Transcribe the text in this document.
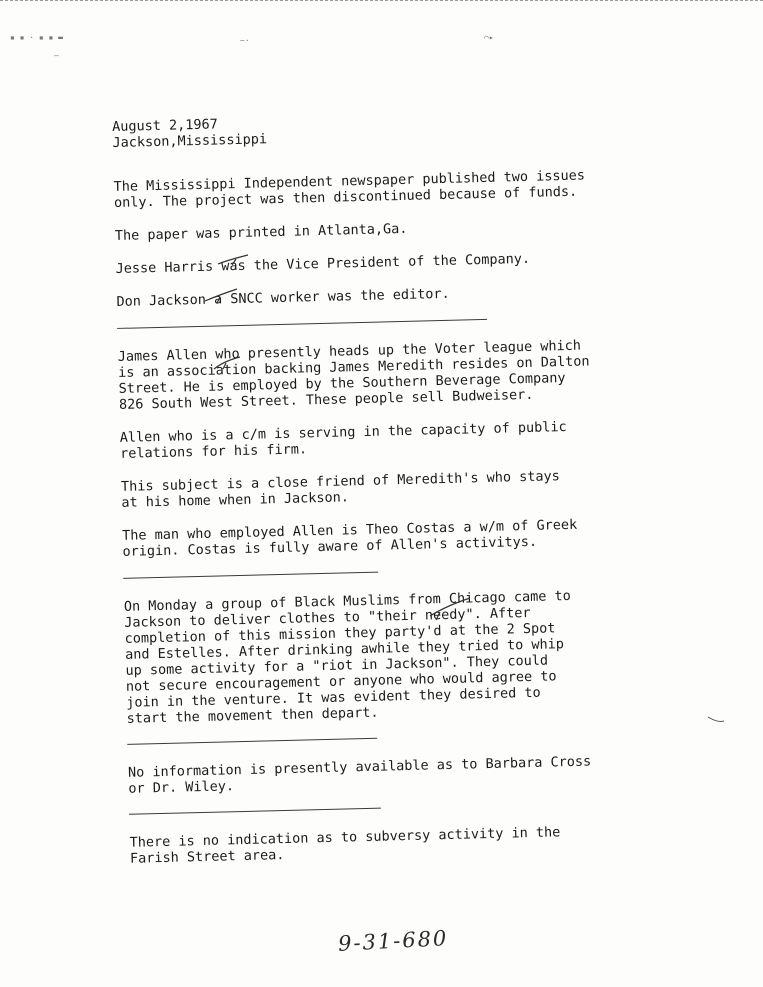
▪ ▪ · ▪ ▪ ▬	~·	⌒▸
–

August 2,1967

Jackson,Mississippi

The Mississippi Independent newspaper published two issues
only. The project was then discontinued because of funds.

The paper was printed in Atlanta,Ga.

Jesse Harris was the Vice President of the Company.

Don Jackson a SNCC worker was the editor.

James Allen who presently heads up the Voter league which
is an association backing James Meredith resides on Dalton
Street. He is employed by the Southern Beverage Company
826 South West Street. These people sell Budweiser.

Allen who is a c/m is serving in the capacity of public
relations for his firm.

This subject is a close friend of Meredith's who stays
at his home when in Jackson.

The man who employed Allen is Theo Costas a w/m of Greek
origin. Costas is fully aware of Allen's activitys.

On Monday a group of Black Muslims from Chicago came to
Jackson to deliver clothes to "their needy". After
completion of this mission they party'd at the 2 Spot
and Estelles. After drinking awhile they tried to whip
up some activity for a "riot in Jackson". They could
not secure encouragement or anyone who would agree to
join in the venture. It was evident they desired to
start the movement then depart.

No information is presently available as to Barbara Cross
or Dr. Wiley.

There is no indication as to subversy activity in the
Farish Street area.

9-31-680
